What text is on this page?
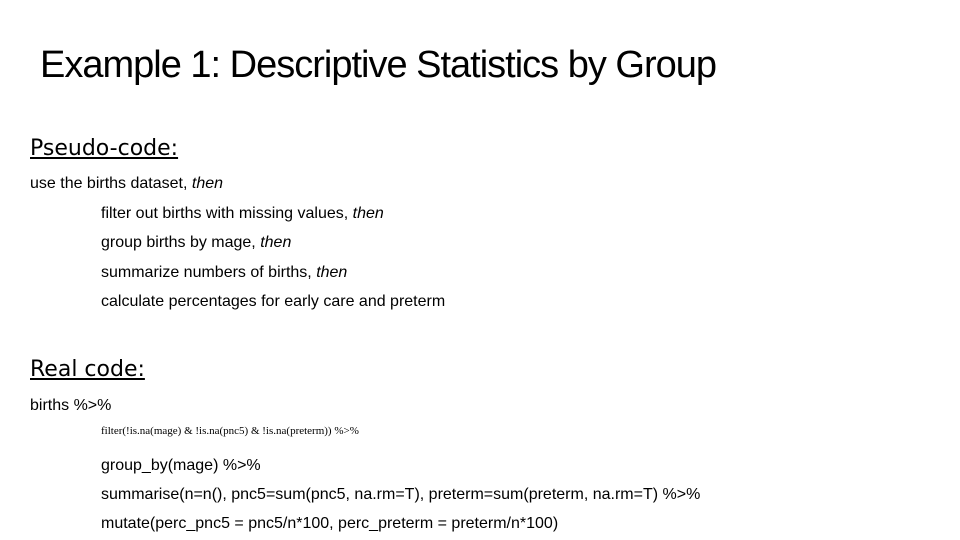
Example 1: Descriptive Statistics by Group
Pseudo-code:
use the births dataset, then
filter out births with missing values, then
group births by mage, then
summarize numbers of births, then
calculate percentages for early care and preterm
Real code:
births %>%
filter(!is.na(mage) & !is.na(pnc5) & !is.na(preterm)) %>%
group_by(mage) %>%
summarise(n=n(), pnc5=sum(pnc5, na.rm=T), preterm=sum(preterm, na.rm=T) %>%
mutate(perc_pnc5 = pnc5/n*100, perc_preterm = preterm/n*100)
